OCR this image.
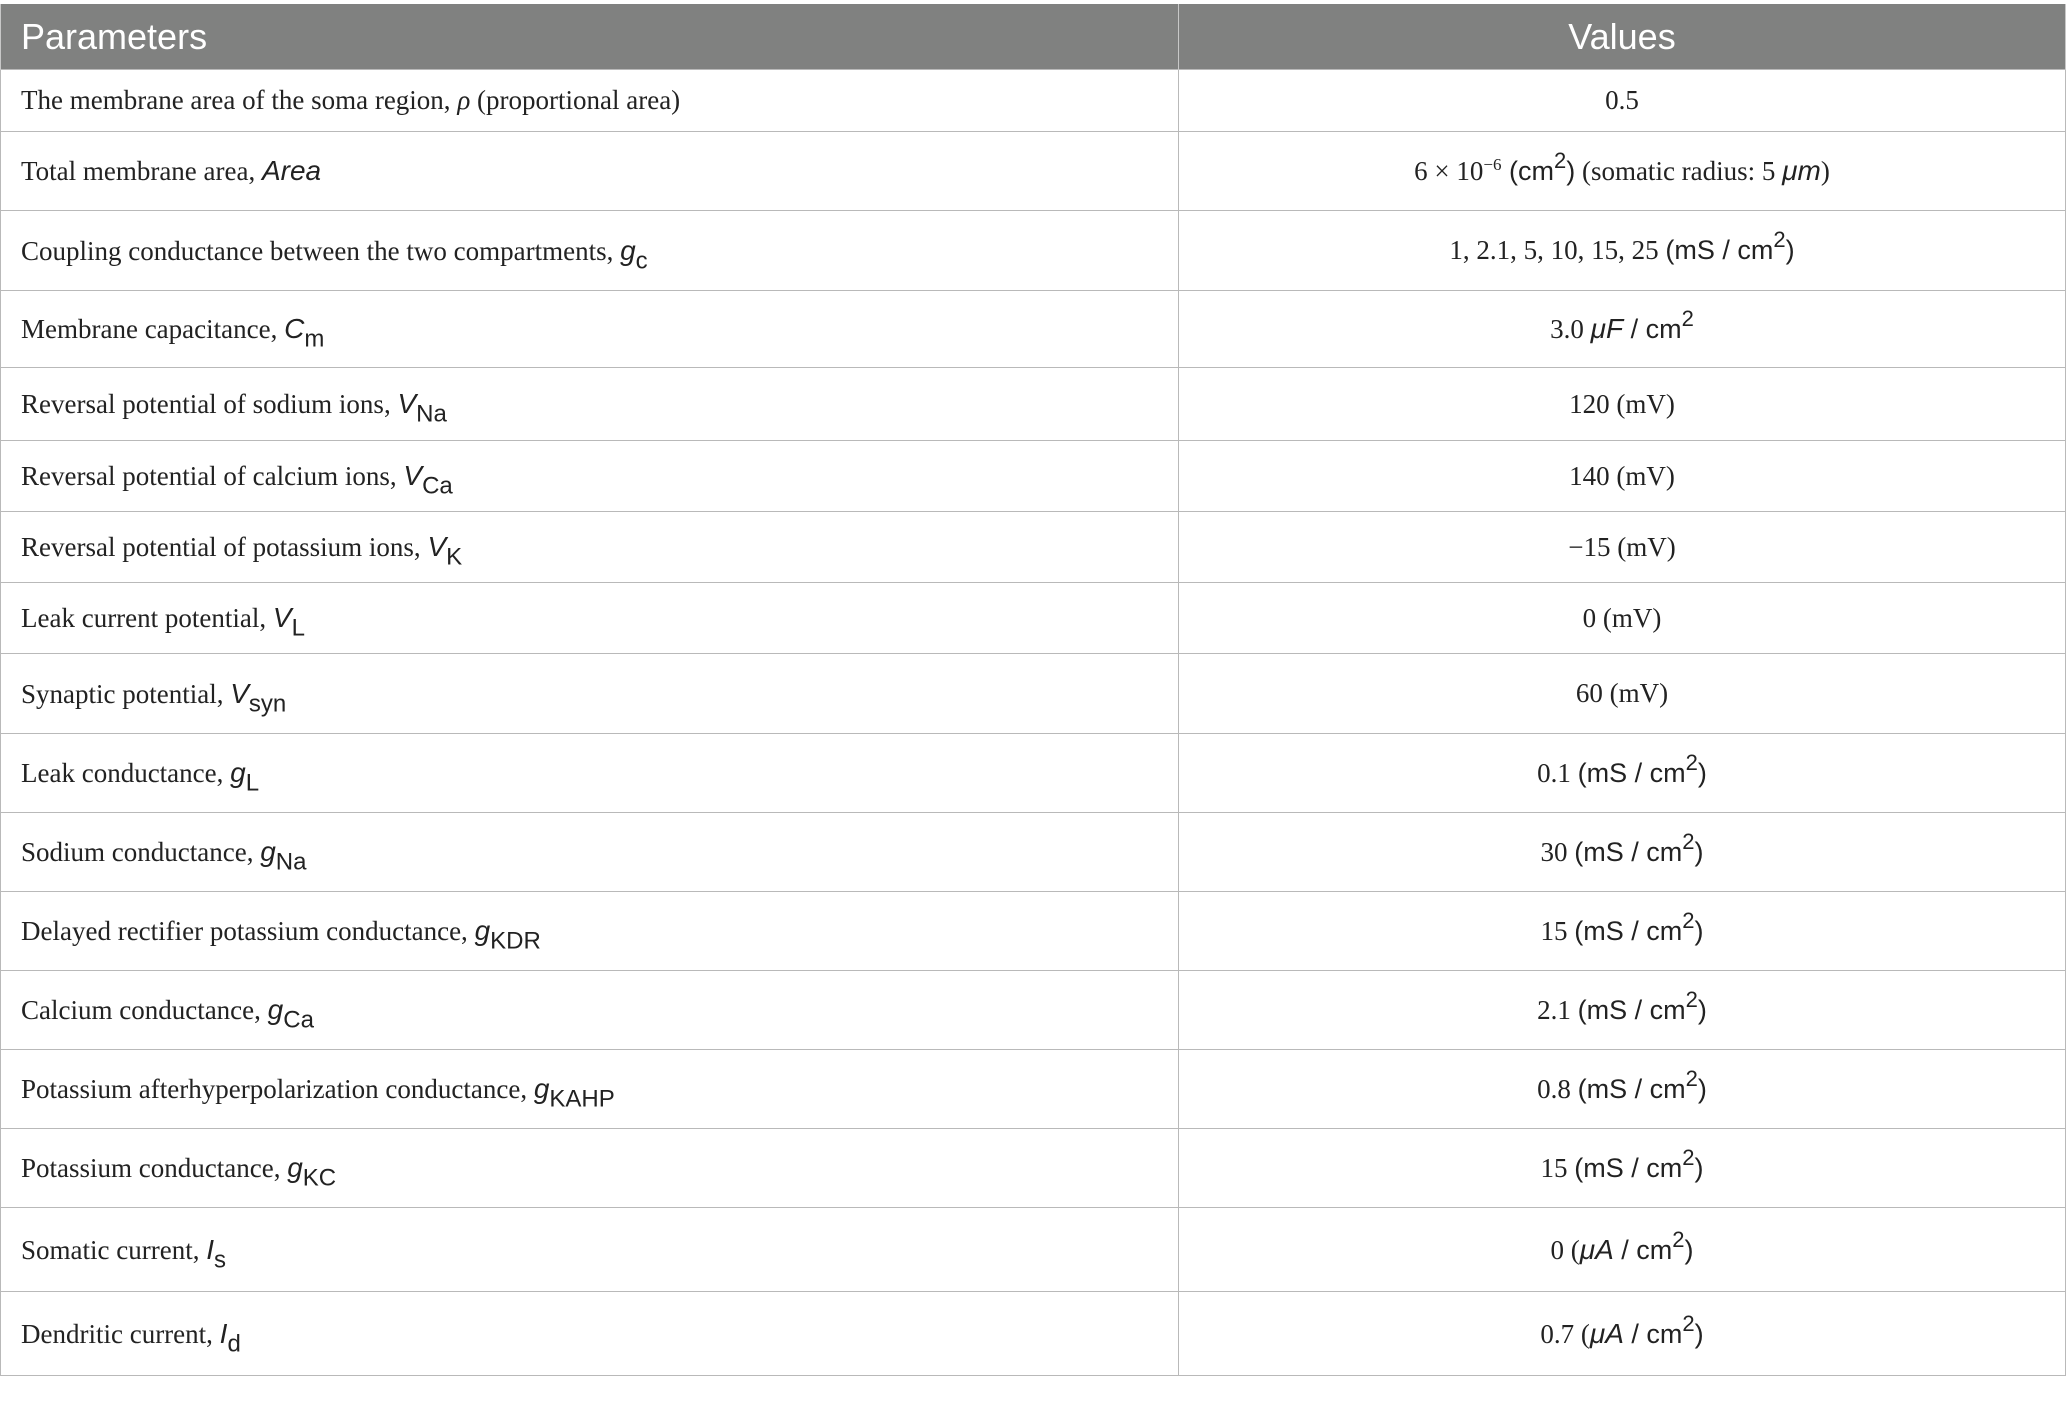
Parameters	Values
The membrane area of the soma region, ρ (proportional area)	0.5
Total membrane area, Area	$6 \times 10^{-6}$ $(cm^2)$ (somatic radius: 5 μm)
Coupling conductance between the two compartments, gc	1, 2.1, 5, 10, 15, 25 $(mS / cm^2)$
Membrane capacitance, Cm	3.0 μF / $cm^2$
Reversal potential of sodium ions, VNa	120 (mV)
Reversal potential of calcium ions, VCa	140 (mV)
Reversal potential of potassium ions, VK	−15 (mV)
Leak current potential, VL	0 (mV)
Synaptic potential, Vsyn	60 (mV)
Leak conductance, gL	0.1 $(mS / cm^2)$
Sodium conductance, gNa	30 $(mS / cm^2)$
Delayed rectifier potassium conductance, gKDR	15 $(mS / cm^2)$
Calcium conductance, gCa	2.1 $(mS / cm^2)$
Potassium afterhyperpolarization conductance, gKAHP	0.8 $(mS / cm^2)$
Potassium conductance, gKC	15 $(mS / cm^2)$
Somatic current, Is	0 $(\mu A / cm^2)$
Dendritic current, Id	0.7 $(\mu A / cm^2)$
